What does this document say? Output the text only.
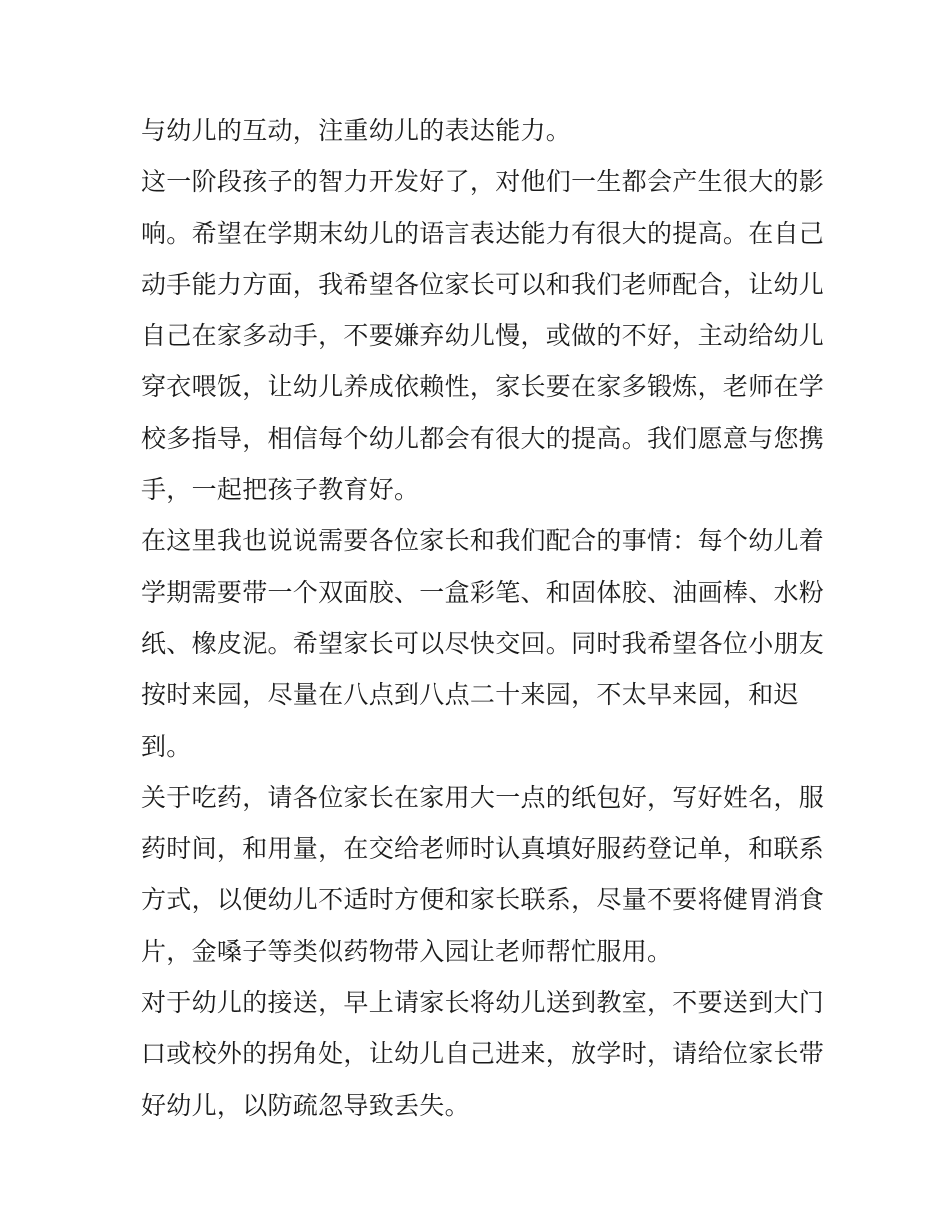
与幼儿的互动，注重幼儿的表达能力。
这一阶段孩子的智力开发好了，对他们一生都会产生很大的影
响。希望在学期末幼儿的语言表达能力有很大的提高。在自己
动手能力方面，我希望各位家长可以和我们老师配合，让幼儿
自己在家多动手，不要嫌弃幼儿慢，或做的不好，主动给幼儿
穿衣喂饭，让幼儿养成依赖性，家长要在家多锻炼，老师在学
校多指导，相信每个幼儿都会有很大的提高。我们愿意与您携
手，一起把孩子教育好。
在这里我也说说需要各位家长和我们配合的事情：每个幼儿着
学期需要带一个双面胶、一盒彩笔、和固体胶、油画棒、水粉
纸、橡皮泥。希望家长可以尽快交回。同时我希望各位小朋友
按时来园，尽量在八点到八点二十来园，不太早来园，和迟
到。
关于吃药，请各位家长在家用大一点的纸包好，写好姓名，服
药时间，和用量，在交给老师时认真填好服药登记单，和联系
方式，以便幼儿不适时方便和家长联系，尽量不要将健胃消食
片，金嗓子等类似药物带入园让老师帮忙服用。
对于幼儿的接送，早上请家长将幼儿送到教室，不要送到大门
口或校外的拐角处，让幼儿自己进来，放学时，请给位家长带
好幼儿，以防疏忽导致丢失。
